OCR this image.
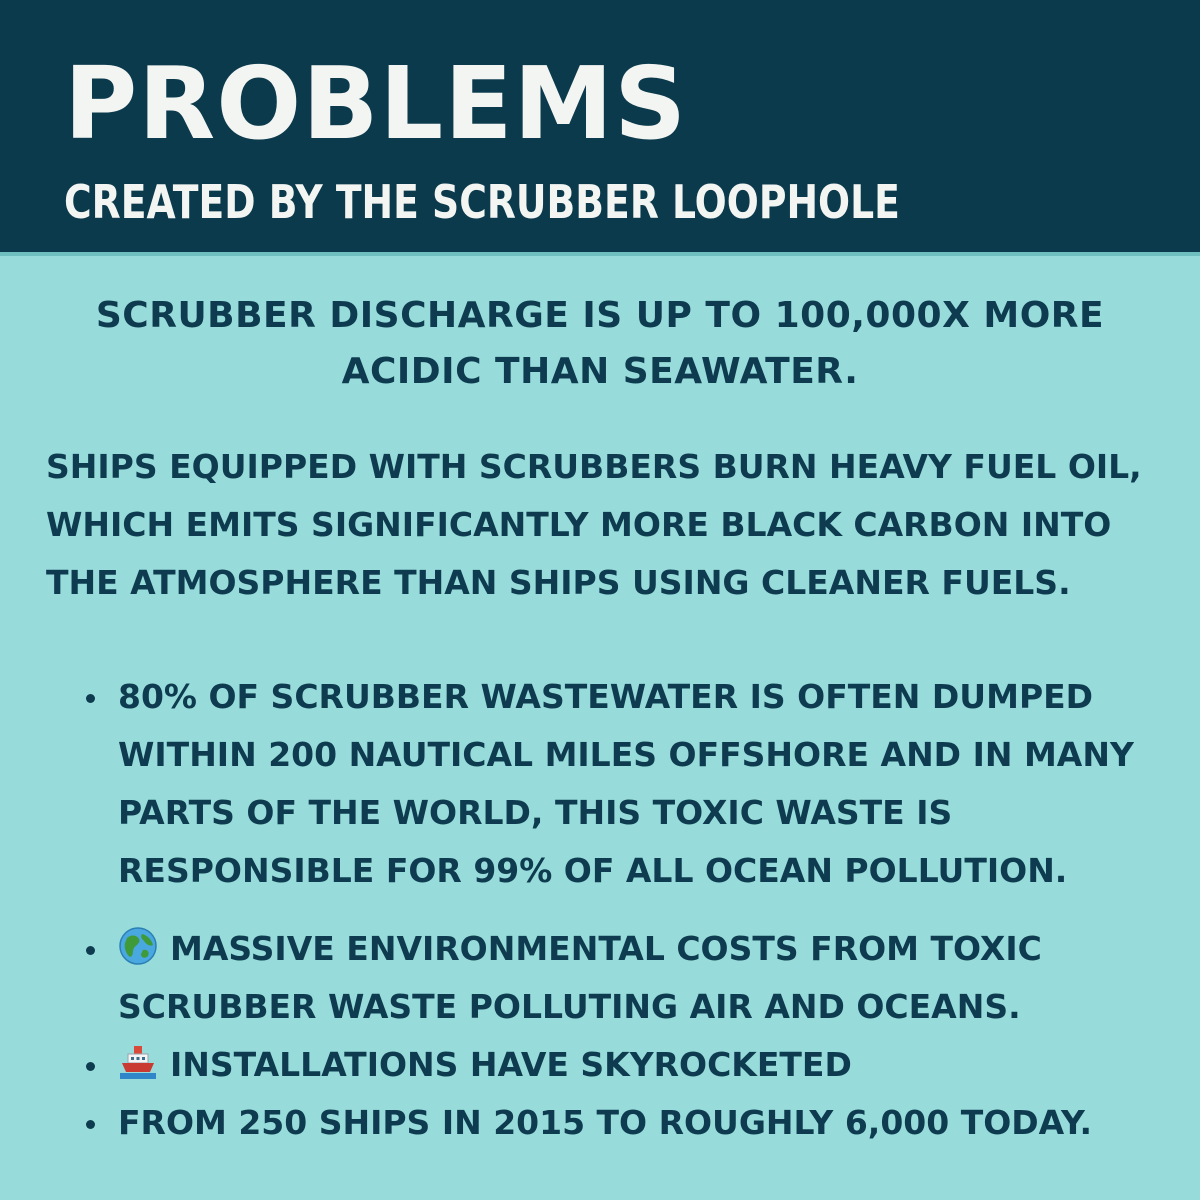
PROBLEMS
CREATED BY THE SCRUBBER LOOPHOLE

SCRUBBER DISCHARGE IS UP TO 100,000X MORE
ACIDIC THAN SEAWATER.

SHIPS EQUIPPED WITH SCRUBBERS BURN HEAVY FUEL OIL,
WHICH EMITS SIGNIFICANTLY MORE BLACK CARBON INTO
THE ATMOSPHERE THAN SHIPS USING CLEANER FUELS.

80% OF SCRUBBER WASTEWATER IS OFTEN DUMPED
WITHIN 200 NAUTICAL MILES OFFSHORE AND IN MANY
PARTS OF THE WORLD, THIS TOXIC WASTE IS
RESPONSIBLE FOR 99% OF ALL OCEAN POLLUTION.
MASSIVE ENVIRONMENTAL COSTS FROM TOXIC
SCRUBBER WASTE POLLUTING AIR AND OCEANS.
INSTALLATIONS HAVE SKYROCKETED
FROM 250 SHIPS IN 2015 TO ROUGHLY 6,000 TODAY.
